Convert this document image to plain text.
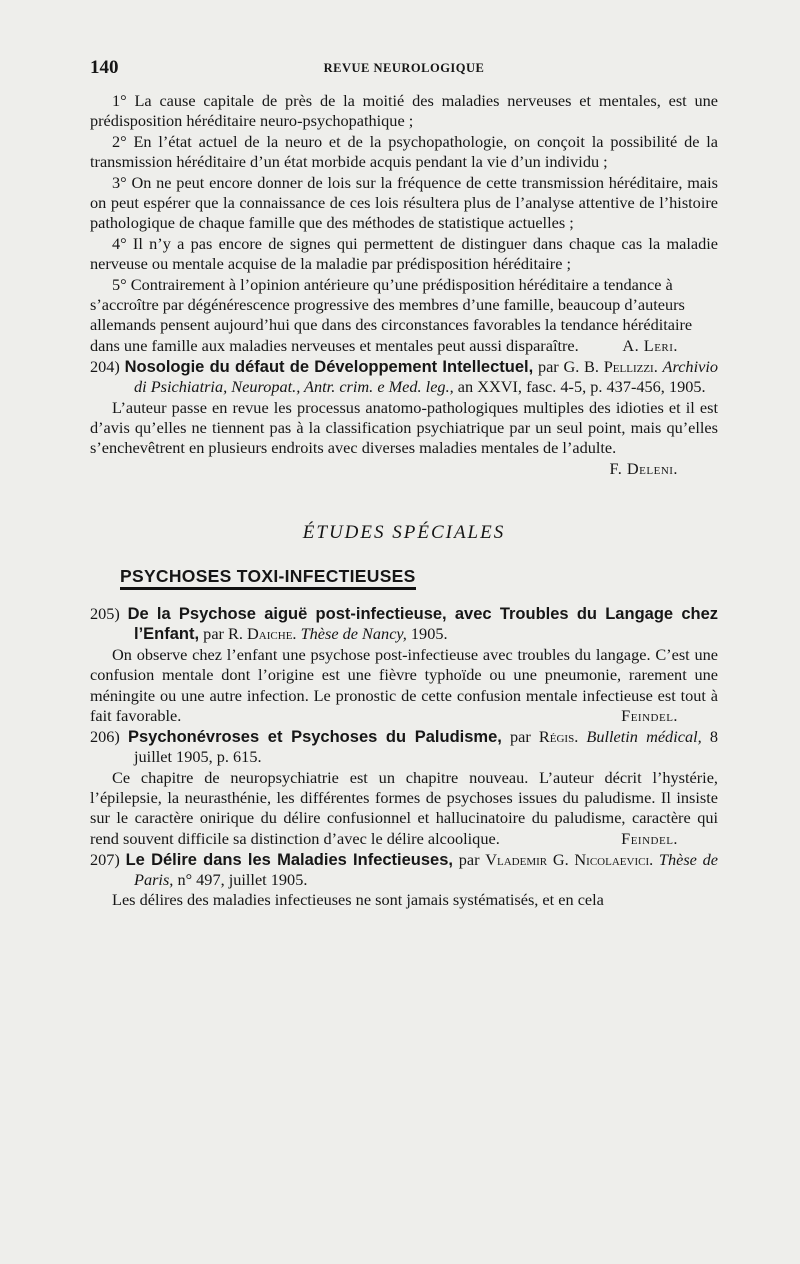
140	REVUE NEUROLOGIQUE

1° La cause capitale de près de la moitié des maladies nerveuses et mentales, est une prédisposition héréditaire neuro-psychopathique ;

2° En l’état actuel de la neuro et de la psychopathologie, on conçoit la possibilité de la transmission héréditaire d’un état morbide acquis pendant la vie d’un individu ;

3° On ne peut encore donner de lois sur la fréquence de cette transmission héréditaire, mais on peut espérer que la connaissance de ces lois résultera plus de l’analyse attentive de l’histoire pathologique de chaque famille que des méthodes de statistique actuelles ;

4° Il n’y a pas encore de signes qui permettent de distinguer dans chaque cas la maladie nerveuse ou mentale acquise de la maladie par prédisposition héréditaire ;

5° Contrairement à l’opinion antérieure qu’une prédisposition héréditaire a tendance à s’accroître par dégénérescence progressive des membres d’une famille, beaucoup d’auteurs allemands pensent aujourd’hui que dans des circonstances favorables la tendance héréditaire dans une famille aux maladies nerveuses et mentales peut aussi disparaître.	A. Leri.

204) Nosologie du défaut de Développement Intellectuel, par G. B. Pellizzi. Archivio di Psichiatria, Neuropat., Antr. crim. e Med. leg., an XXVI, fasc. 4-5, p. 437-456, 1905.

L’auteur passe en revue les processus anatomo-pathologiques multiples des idioties et il est d’avis qu’elles ne tiennent pas à la classification psychiatrique par un seul point, mais qu’elles s’enchevêtrent en plusieurs endroits avec diverses maladies mentales de l’adulte.

F. Deleni.

ÉTUDES SPÉCIALES
PSYCHOSES TOXI-INFECTIEUSES

205) De la Psychose aiguë post-infectieuse, avec Troubles du Langage chez l’Enfant, par R. Daiche. Thèse de Nancy, 1905.

On observe chez l’enfant une psychose post-infectieuse avec troubles du langage. C’est une confusion mentale dont l’origine est une fièvre typhoïde ou une pneumonie, rarement une méningite ou une autre infection. Le pronostic de cette confusion mentale infectieuse est tout à fait favorable.	Feindel.

206) Psychonévroses et Psychoses du Paludisme, par Régis. Bulletin médical, 8 juillet 1905, p. 615.

Ce chapitre de neuropsychiatrie est un chapitre nouveau. L’auteur décrit l’hystérie, l’épilepsie, la neurasthénie, les différentes formes de psychoses issues du paludisme. Il insiste sur le caractère onirique du délire confusionnel et hallucinatoire du paludisme, caractère qui rend souvent difficile sa distinction d’avec le délire alcoolique.	Feindel.

207) Le Délire dans les Maladies Infectieuses, par Vlademir G. Nicolaevici. Thèse de Paris, n° 497, juillet 1905.

Les délires des maladies infectieuses ne sont jamais systématisés, et en cela
